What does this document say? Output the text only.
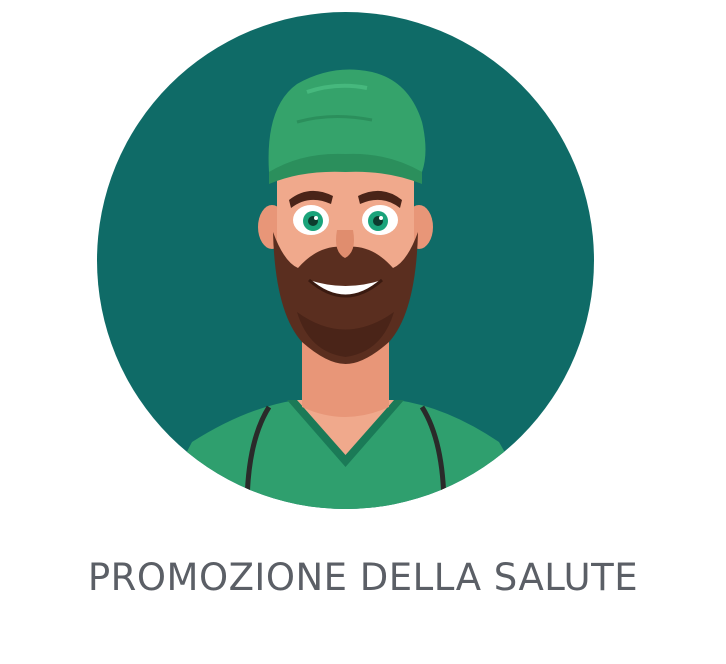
PROMOZIONE DELLA SALUTE
